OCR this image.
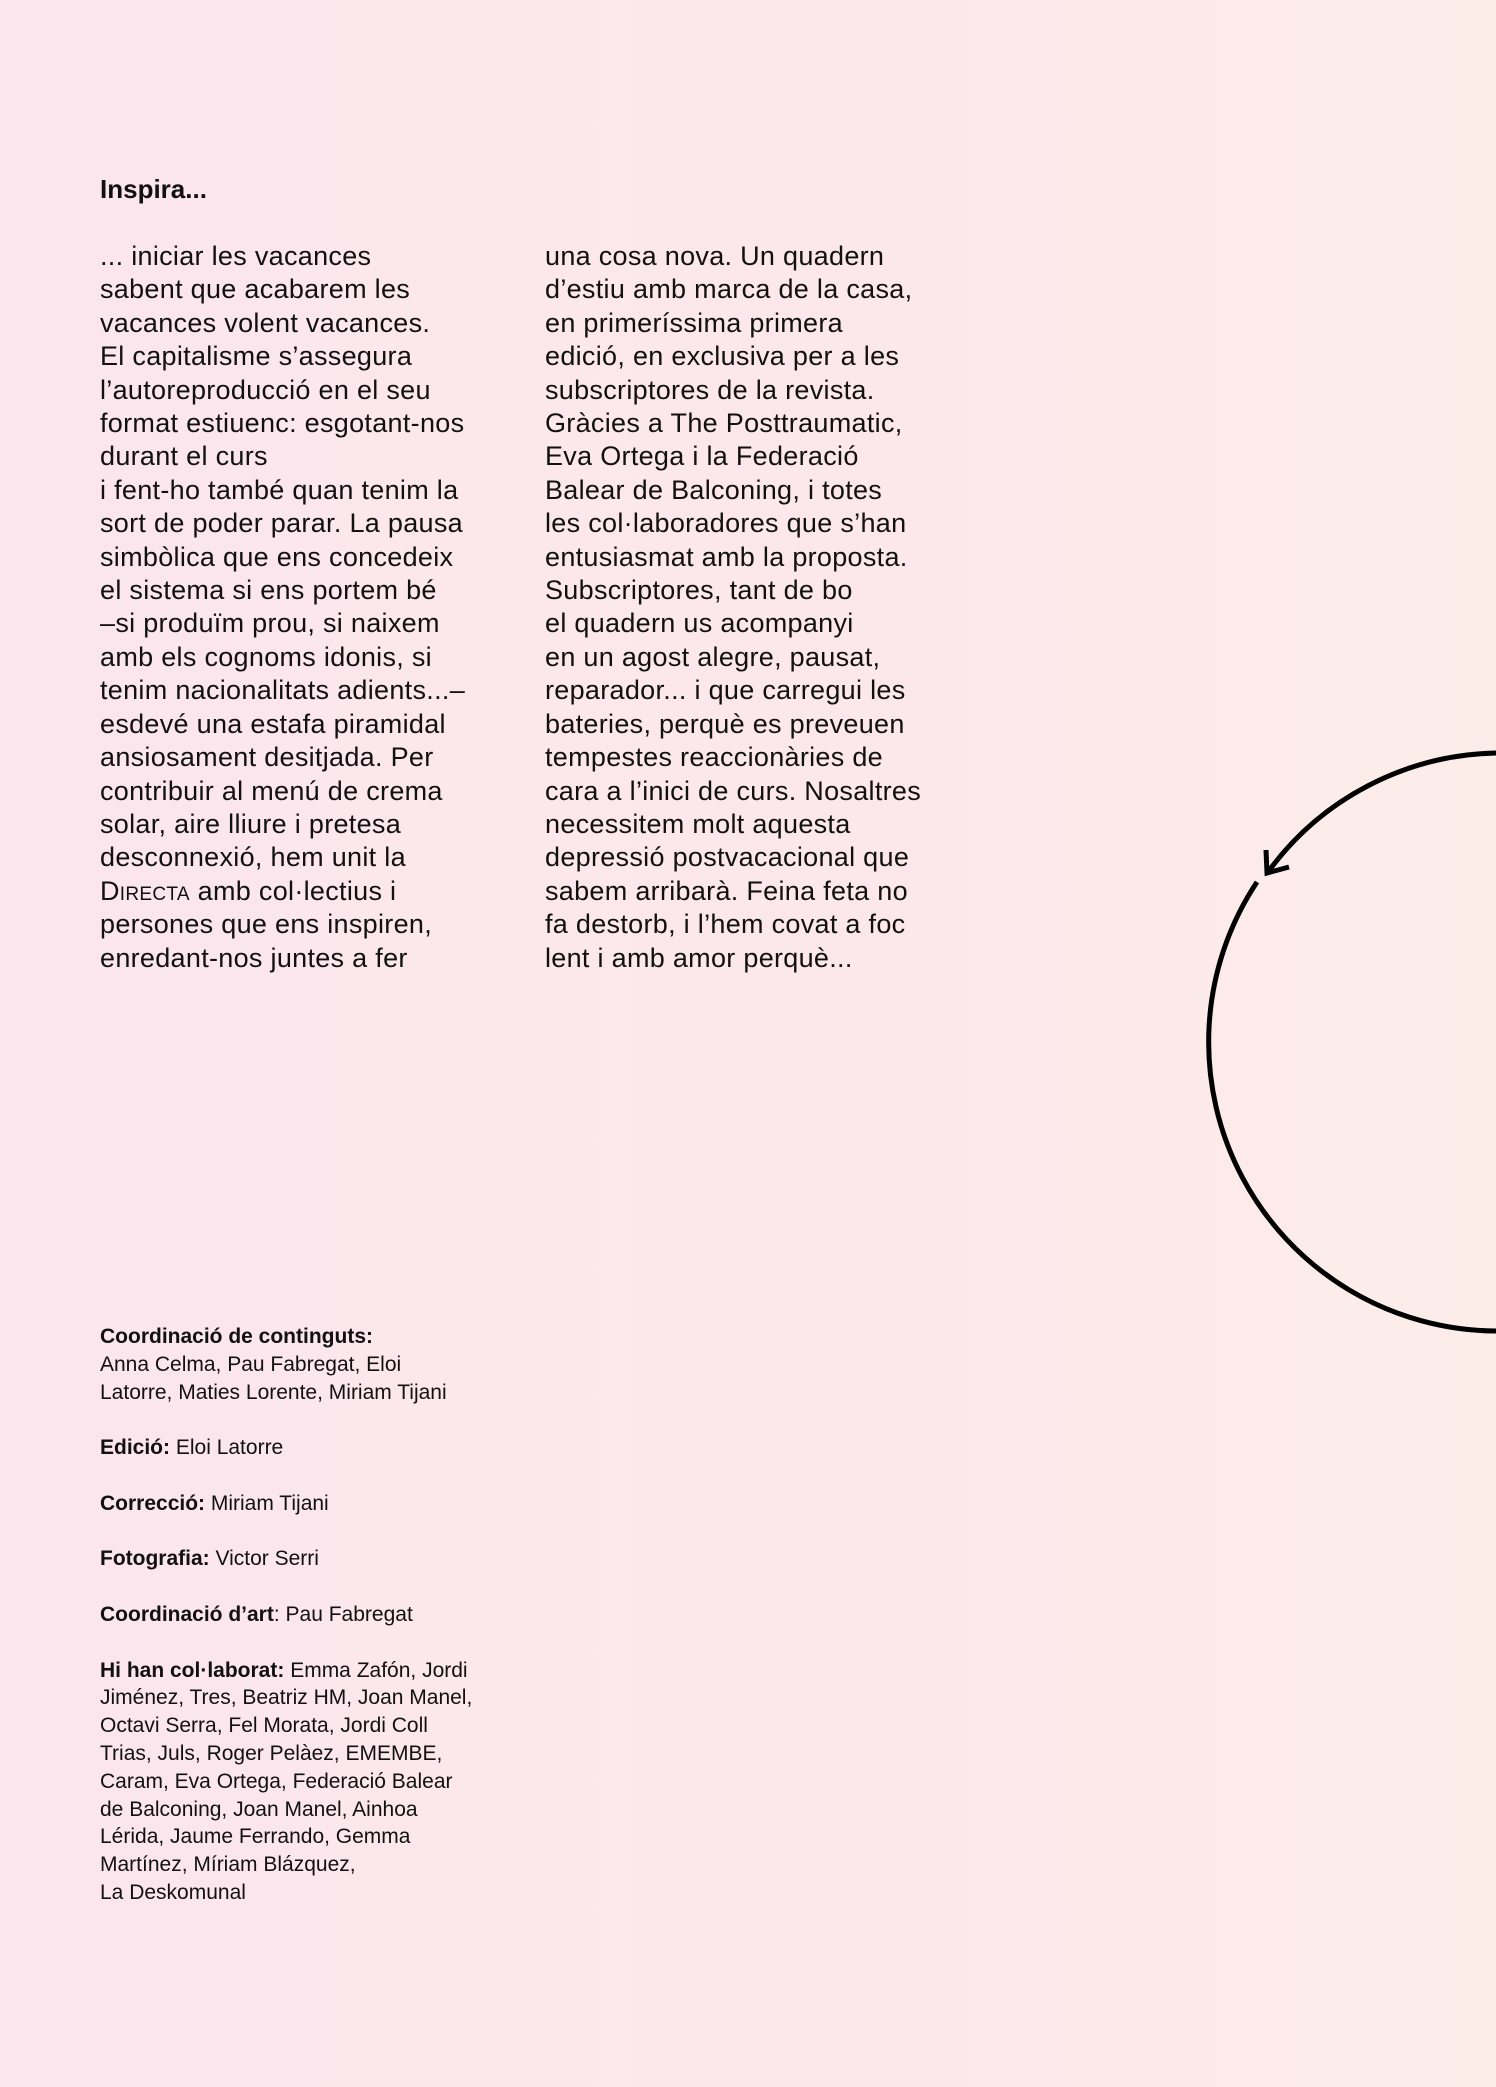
Inspira...
... iniciar les vacances
sabent que acabarem les
vacances volent vacances.
El capitalisme s’assegura
l’autoreproducció en el seu
format estiuenc: esgotant-nos
durant el curs
i fent-ho també quan tenim la
sort de poder parar. La pausa
simbòlica que ens concedeix
el sistema si ens portem bé
–si produïm prou, si naixem
amb els cognoms idonis, si
tenim nacionalitats adients...–
esdevé una estafa piramidal
ansiosament desitjada. Per
contribuir al menú de crema
solar, aire lliure i pretesa
desconnexió, hem unit la
Directa amb col·lectius i
persones que ens inspiren,
enredant-nos juntes a fer
una cosa nova. Un quadern
d’estiu amb marca de la casa,
en primeríssima primera
edició, en exclusiva per a les
subscriptores de la revista.
Gràcies a The Posttraumatic,
Eva Ortega i la Federació
Balear de Balconing, i totes
les col·laboradores que s’han
entusiasmat amb la proposta.
Subscriptores, tant de bo
el quadern us acompanyi
en un agost alegre, pausat,
reparador... i que carregui les
bateries, perquè es preveuen
tempestes reaccionàries de
cara a l’inici de curs. Nosaltres
necessitem molt aquesta
depressió postvacacional que
sabem arribarà. Feina feta no
fa destorb, i l’hem covat a foc
lent i amb amor perquè...
Coordinació de continguts:
Anna Celma, Pau Fabregat, Eloi
Latorre, Maties Lorente, Miriam Tijani
Edició: Eloi Latorre
Correcció: Miriam Tijani
Fotografia: Victor Serri
Coordinació d’art: Pau Fabregat
Hi han col·laborat: Emma Zafón, Jordi
Jiménez, Tres, Beatriz HM, Joan Manel,
Octavi Serra, Fel Morata, Jordi Coll
Trias, Juls, Roger Pelàez, EMEMBE,
Caram, Eva Ortega, Federació Balear
de Balconing, Joan Manel, Ainhoa
Lérida, Jaume Ferrando, Gemma
Martínez, Míriam Blázquez,
La Deskomunal
